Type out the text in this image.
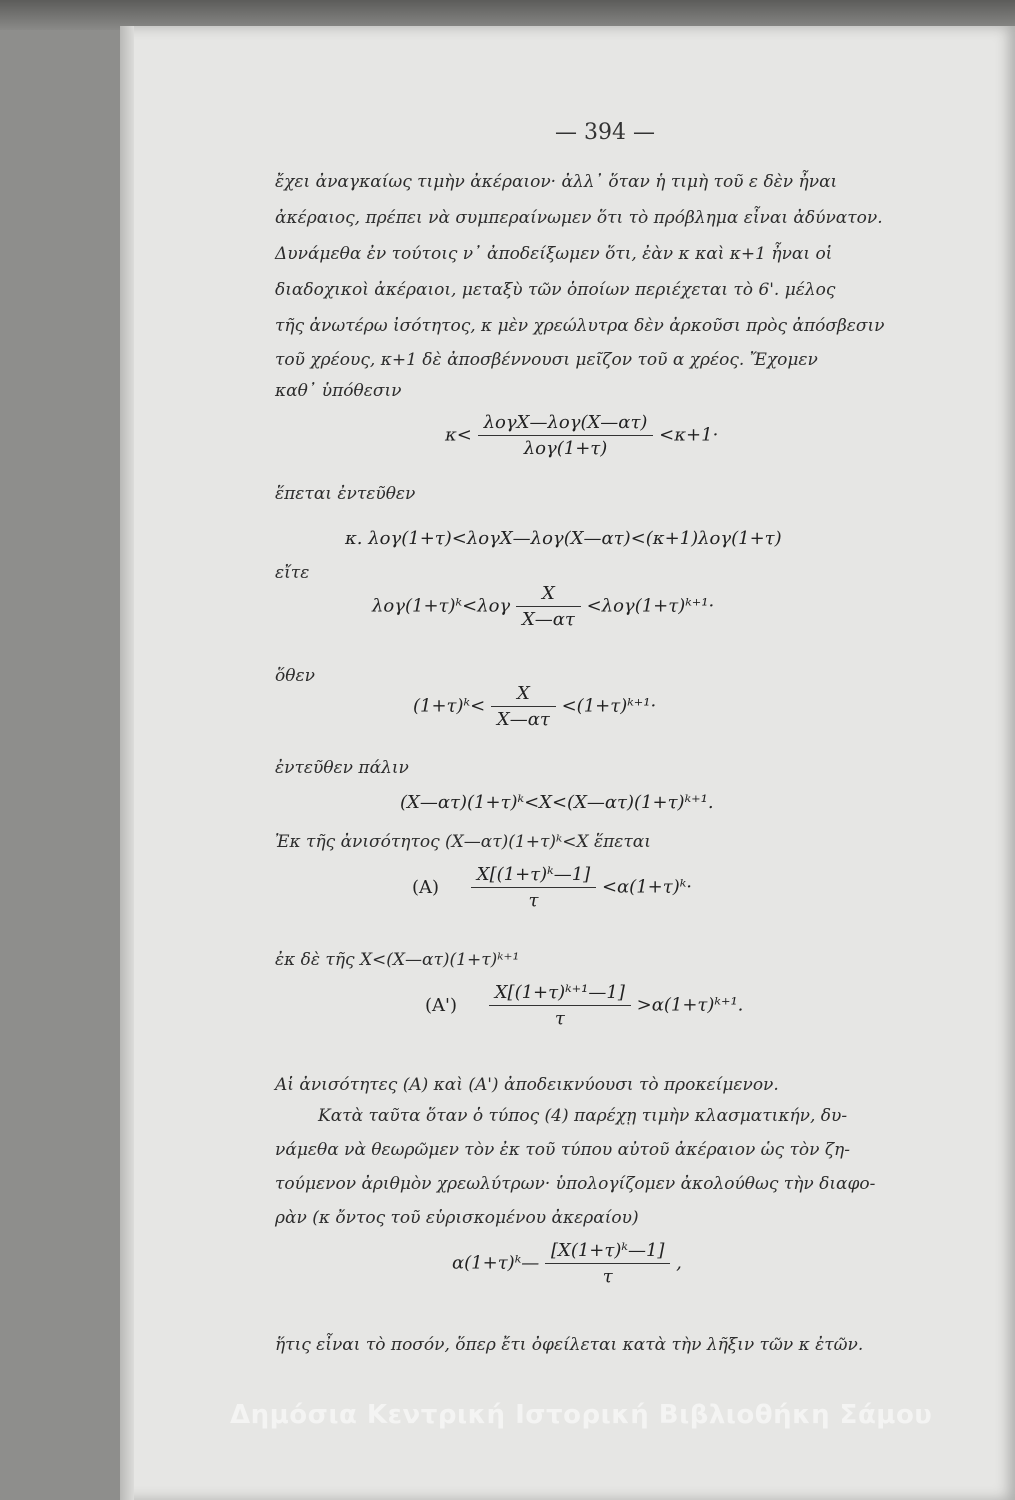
— 394 —
ἔχει ἀναγκαίως τιμὴν ἀκέραιον· ἀλλ᾽ ὅταν ἡ τιμὴ τοῦ ε δὲν ἦναι
ἀκέραιος, πρέπει νὰ συμπεραίνωμεν ὅτι τὸ πρόβλημα εἶναι ἀδύνατον.
Δυνάμεθα ἐν τούτοις ν᾽ ἀποδείξωμεν ὅτι, ἐὰν κ καὶ κ+1 ἦναι οἱ
διαδοχικοὶ ἀκέραιοι, μεταξὺ τῶν ὁποίων περιέχεται τὸ 6'. μέλος
τῆς ἀνωτέρω ἰσότητος, κ μὲν χρεώλυτρα δὲν ἀρκοῦσι πρὸς ἀπόσβεσιν
τοῦ χρέους, κ+1 δὲ ἀποσβέννουσι μεῖζον τοῦ α χρέος. Ἔχομεν
καθ᾽ ὑπόθεσιν
$\kappa< \frac{\text{λογX—λογ(X—ατ)}}{\text{λογ(1+τ)}} <\kappa+1\cdot$
ἕπεται ἐντεῦθεν
κ. λογ(1+τ)<λογX—λογ(X—ατ)<(κ+1)λογ(1+τ)
εἴτε
λογ(1+τ)ᵏ<λογ $\frac{X}{X—\alpha\tau}$ <λογ(1+τ)ᵏ⁺¹·
ὅθεν
(1+τ)ᵏ< $\frac{X}{X—\alpha\tau}$ <(1+τ)ᵏ⁺¹·
ἐντεῦθεν πάλιν
(X—ατ)(1+τ)ᵏ<X<(X—ατ)(1+τ)ᵏ⁺¹.
Ἐκ τῆς ἀνισότητος (X—ατ)(1+τ)ᵏ<X ἕπεται
$(A) \frac{\text{X[(1+τ)ᵏ—1]}}{\tau}$ <α(1+τ)ᵏ·
ἐκ δὲ τῆς X<(X—ατ)(1+τ)ᵏ⁺¹
$(A') \frac{\text{X[(1+τ)ᵏ⁺¹—1]}}{\tau}$ >α(1+τ)ᵏ⁺¹.
Αἱ ἀνισότητες (A) καὶ (A') ἀποδεικνύουσι τὸ προκείμενον.
Κατὰ ταῦτα ὅταν ὁ τύπος (4) παρέχῃ τιμὴν κλασματικήν, δυ-
νάμεθα νὰ θεωρῶμεν τὸν ἐκ τοῦ τύπου αὐτοῦ ἀκέραιον ὡς τὸν ζη-
τούμενον ἀριθμὸν χρεωλύτρων· ὑπολογίζομεν ἀκολούθως τὴν διαφο-
ρὰν (κ ὄντος τοῦ εὑρισκομένου ἀκεραίου)
α(1+τ)ᵏ— $\frac{\text{[X(1+τ)ᵏ—1]}}{\tau}$ ,
ἥτις εἶναι τὸ ποσόν, ὅπερ ἔτι ὀφείλεται κατὰ τὴν λῆξιν τῶν κ ἐτῶν.
Δημόσια Κεντρική Ιστορική Βιβλιοθήκη Σάμου
